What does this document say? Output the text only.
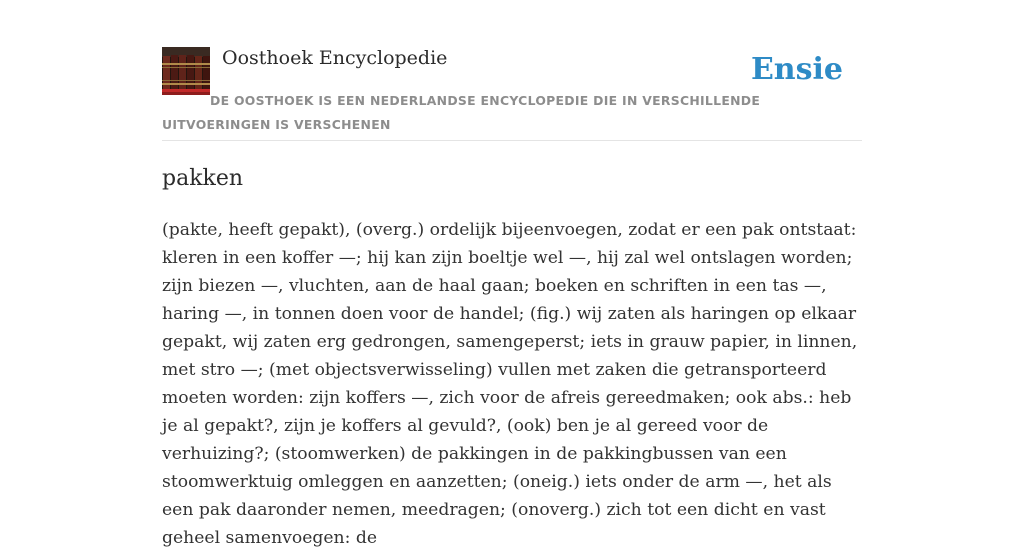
Oosthoek Encyclopedie	Ensie

DE OOSTHOEK IS EEN NEDERLANDSE ENCYCLOPEDIE DIE IN VERSCHILLENDE UITVOERINGEN IS VERSCHENEN

pakken

(pakte, heeft gepakt), (overg.) ordelijk bijeenvoegen, zodat er een pak ontstaat: kleren in een koffer —; hij kan zijn boeltje wel —, hij zal wel ontslagen worden; zijn biezen —, vluchten, aan de haal gaan; boeken en schriften in een tas —, haring —, in tonnen doen voor de handel; (fig.) wij zaten als haringen op elkaar gepakt, wij zaten erg gedrongen, samengeperst; iets in grauw papier, in linnen, met stro —; (met objectsverwisseling) vullen met zaken die getransporteerd moeten worden: zijn koffers —, zich voor de afreis gereedmaken; ook abs.: heb je al gepakt?, zijn je koffers al gevuld?, (ook) ben je al gereed voor de verhuizing?; (stoomwerken) de pakkingen in de pakkingbussen van een stoomwerktuig omleggen en aanzetten; (oneig.) iets onder de arm —, het als een pak daaronder nemen, meedragen; (onoverg.) zich tot een dicht en vast geheel samenvoegen: de
